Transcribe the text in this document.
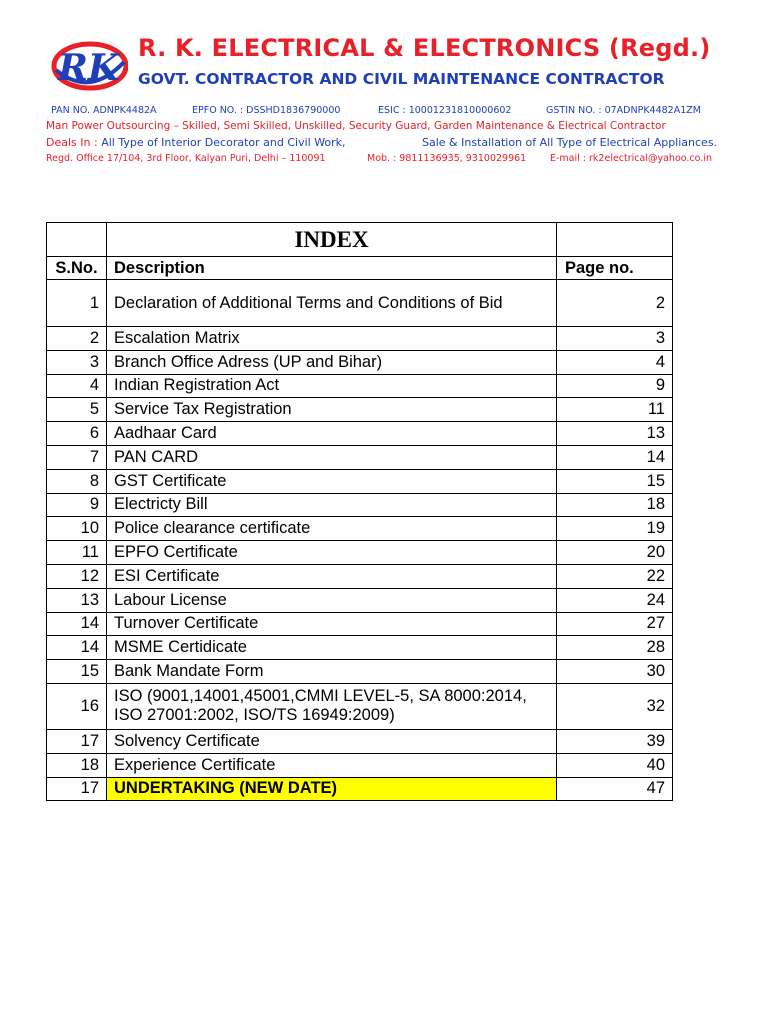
RK R. K. ELECTRICAL & ELECTRONICS (Regd.)
GOVT. CONTRACTOR AND CIVIL MAINTENANCE CONTRACTOR
PAN NO. ADNPK4482A	EPFO NO. : DSSHD1836790000	ESIC : 10001231810000602	GSTIN NO. : 07ADNPK4482A1ZM
Man Power Outsourcing – Skilled, Semi Skilled, Unskilled, Security Guard, Garden Maintenance & Electrical Contractor
Deals In : All Type of Interior Decorator and Civil Work,	Sale & Installation of All Type of Electrical Appliances.
Regd. Office 17/104, 3rd Floor, Kalyan Puri, Delhi – 110091	Mob. : 9811136935, 9310029961	E-mail : rk2electrical@yahoo.co.in
	INDEX	
S.No.	Description	Page no.
1	Declaration of Additional Terms and Conditions of Bid	2
2	Escalation Matrix	3
3	Branch Office Adress (UP and Bihar)	4
4	Indian Registration Act	9
5	Service Tax Registration	11
6	Aadhaar Card	13
7	PAN CARD	14
8	GST Certificate	15
9	Electricty Bill	18
10	Police clearance certificate	19
11	EPFO Certificate	20
12	ESI Certificate	22
13	Labour License	24
14	Turnover Certificate	27
14	MSME Certidicate	28
15	Bank Mandate Form	30
16	ISO (9001,14001,45001,CMMI LEVEL-5, SA 8000:2014, ISO 27001:2002, ISO/TS 16949:2009)	32
17	Solvency Certificate	39
18	Experience Certificate	40
17	UNDERTAKING (NEW DATE)	47
